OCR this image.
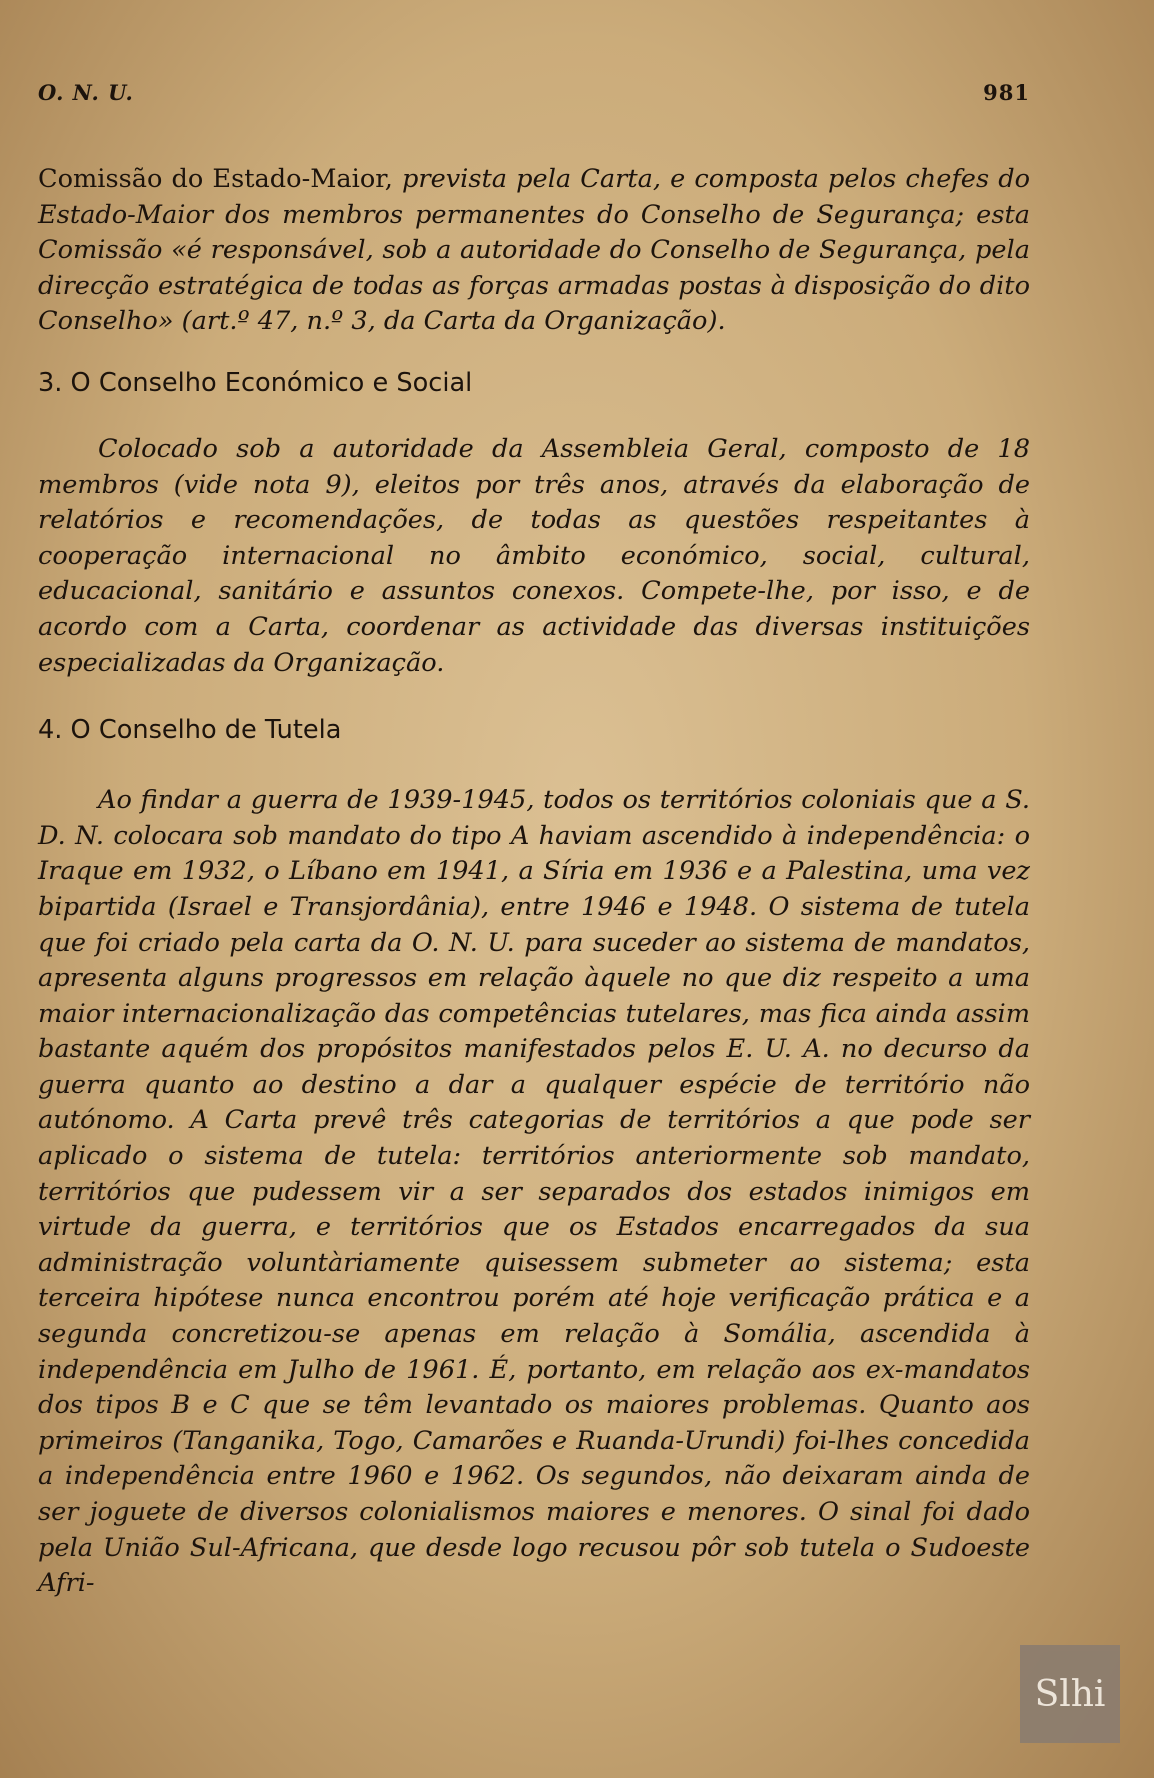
O. N. U.	981

Comissão do Estado-Maior, prevista pela Carta, e composta pelos chefes do Estado-Maior dos membros permanentes do Conselho de Segurança; esta Comissão «é responsável, sob a autoridade do Conselho de Segurança, pela direcção estratégica de todas as forças armadas postas à disposição do dito Conselho» (art.º 47, n.º 3, da Carta da Organização).

3. O Conselho Económico e Social

Colocado sob a autoridade da Assembleia Geral, composto de 18 membros (vide nota 9), eleitos por três anos, através da elaboração de relatórios e recomendações, de todas as questões respeitantes à cooperação internacional no âmbito económico, social, cultural, educacional, sanitário e assuntos conexos. Compete-lhe, por isso, e de acordo com a Carta, coordenar as actividade das diversas instituições especializadas da Organização.

4. O Conselho de Tutela

Ao findar a guerra de 1939-1945, todos os territórios coloniais que a S. D. N. colocara sob mandato do tipo A haviam ascendido à independência: o Iraque em 1932, o Líbano em 1941, a Síria em 1936 e a Palestina, uma vez bipartida (Israel e Transjordânia), entre 1946 e 1948. O sistema de tutela que foi criado pela carta da O. N. U. para suceder ao sistema de mandatos, apresenta alguns progressos em relação àquele no que diz respeito a uma maior internacionalização das competências tutelares, mas fica ainda assim bastante aquém dos propósitos manifestados pelos E. U. A. no decurso da guerra quanto ao destino a dar a qualquer espécie de território não autónomo. A Carta prevê três categorias de territórios a que pode ser aplicado o sistema de tutela: territórios anteriormente sob mandato, territórios que pudessem vir a ser separados dos estados inimigos em virtude da guerra, e territórios que os Estados encarregados da sua administração voluntàriamente quisessem submeter ao sistema; esta terceira hipótese nunca encontrou porém até hoje verificação prática e a segunda concretizou-se apenas em relação à Somália, ascendida à independência em Julho de 1961. É, portanto, em relação aos ex-mandatos dos tipos B e C que se têm levantado os maiores problemas. Quanto aos primeiros (Tanganika, Togo, Camarões e Ruanda-Urundi) foi-lhes concedida a independência entre 1960 e 1962. Os segundos, não deixaram ainda de ser joguete de diversos colonialismos maiores e menores. O sinal foi dado pela União Sul-Africana, que desde logo recusou pôr sob tutela o Sudoeste Afri-

Slhi
